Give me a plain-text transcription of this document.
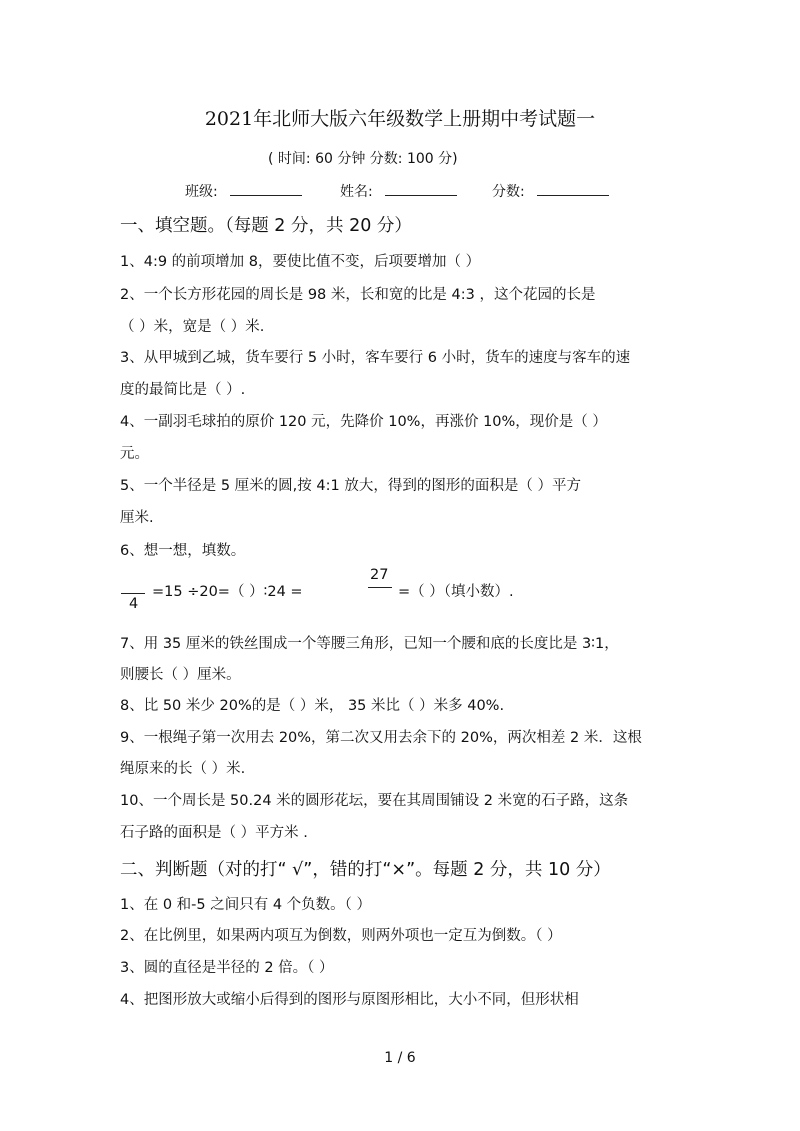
2021年北师大版六年级数学上册期中考试题一
( 时间: 60 分钟 分数: 100 分)
班级:	姓名:	分数:
一、填空题。（每题 2 分，共 20 分）
1、4:9 的前项增加 8，要使比值不变，后项要增加（ ）
2、一个长方形花园的周长是 98 米，长和宽的比是 4:3 ，这个花园的长是
（ ）米，宽是（ ）米.
3、从甲城到乙城，货车要行 5 小时，客车要行 6 小时，货车的速度与客车的速
度的最简比是（ ）.
4、一副羽毛球拍的原价 120 元，先降价 10%，再涨价 10%，现价是（ ）
元。
5、一个半径是 5 厘米的圆,按 4:1 放大，得到的图形的面积是（ ）平方
厘米.
6、想一想，填数。
4
=15 ÷20=（ ）∶24 =
27
=（ ）（填小数）.
7、用 35 厘米的铁丝围成一个等腰三角形，已知一个腰和底的长度比是 3∶1，
则腰长（ ）厘米。
8、比 50 米少 20%的是（ ）米， 35 米比（ ）米多 40%.
9、一根绳子第一次用去 20%，第二次又用去余下的 20%，两次相差 2 米．这根
绳原来的长（ ）米.
10、一个周长是 50.24 米的圆形花坛，要在其周围铺设 2 米宽的石子路，这条
石子路的面积是（ ）平方米 .
二、判断题（对的打“ √”，错的打“×”。每题 2 分，共 10 分）
1、在 0 和-5 之间只有 4 个负数。（ ）
2、在比例里，如果两内项互为倒数，则两外项也一定互为倒数。（ ）
3、圆的直径是半径的 2 倍。（ ）
4、把图形放大或缩小后得到的图形与原图形相比，大小不同，但形状相
1 / 6
